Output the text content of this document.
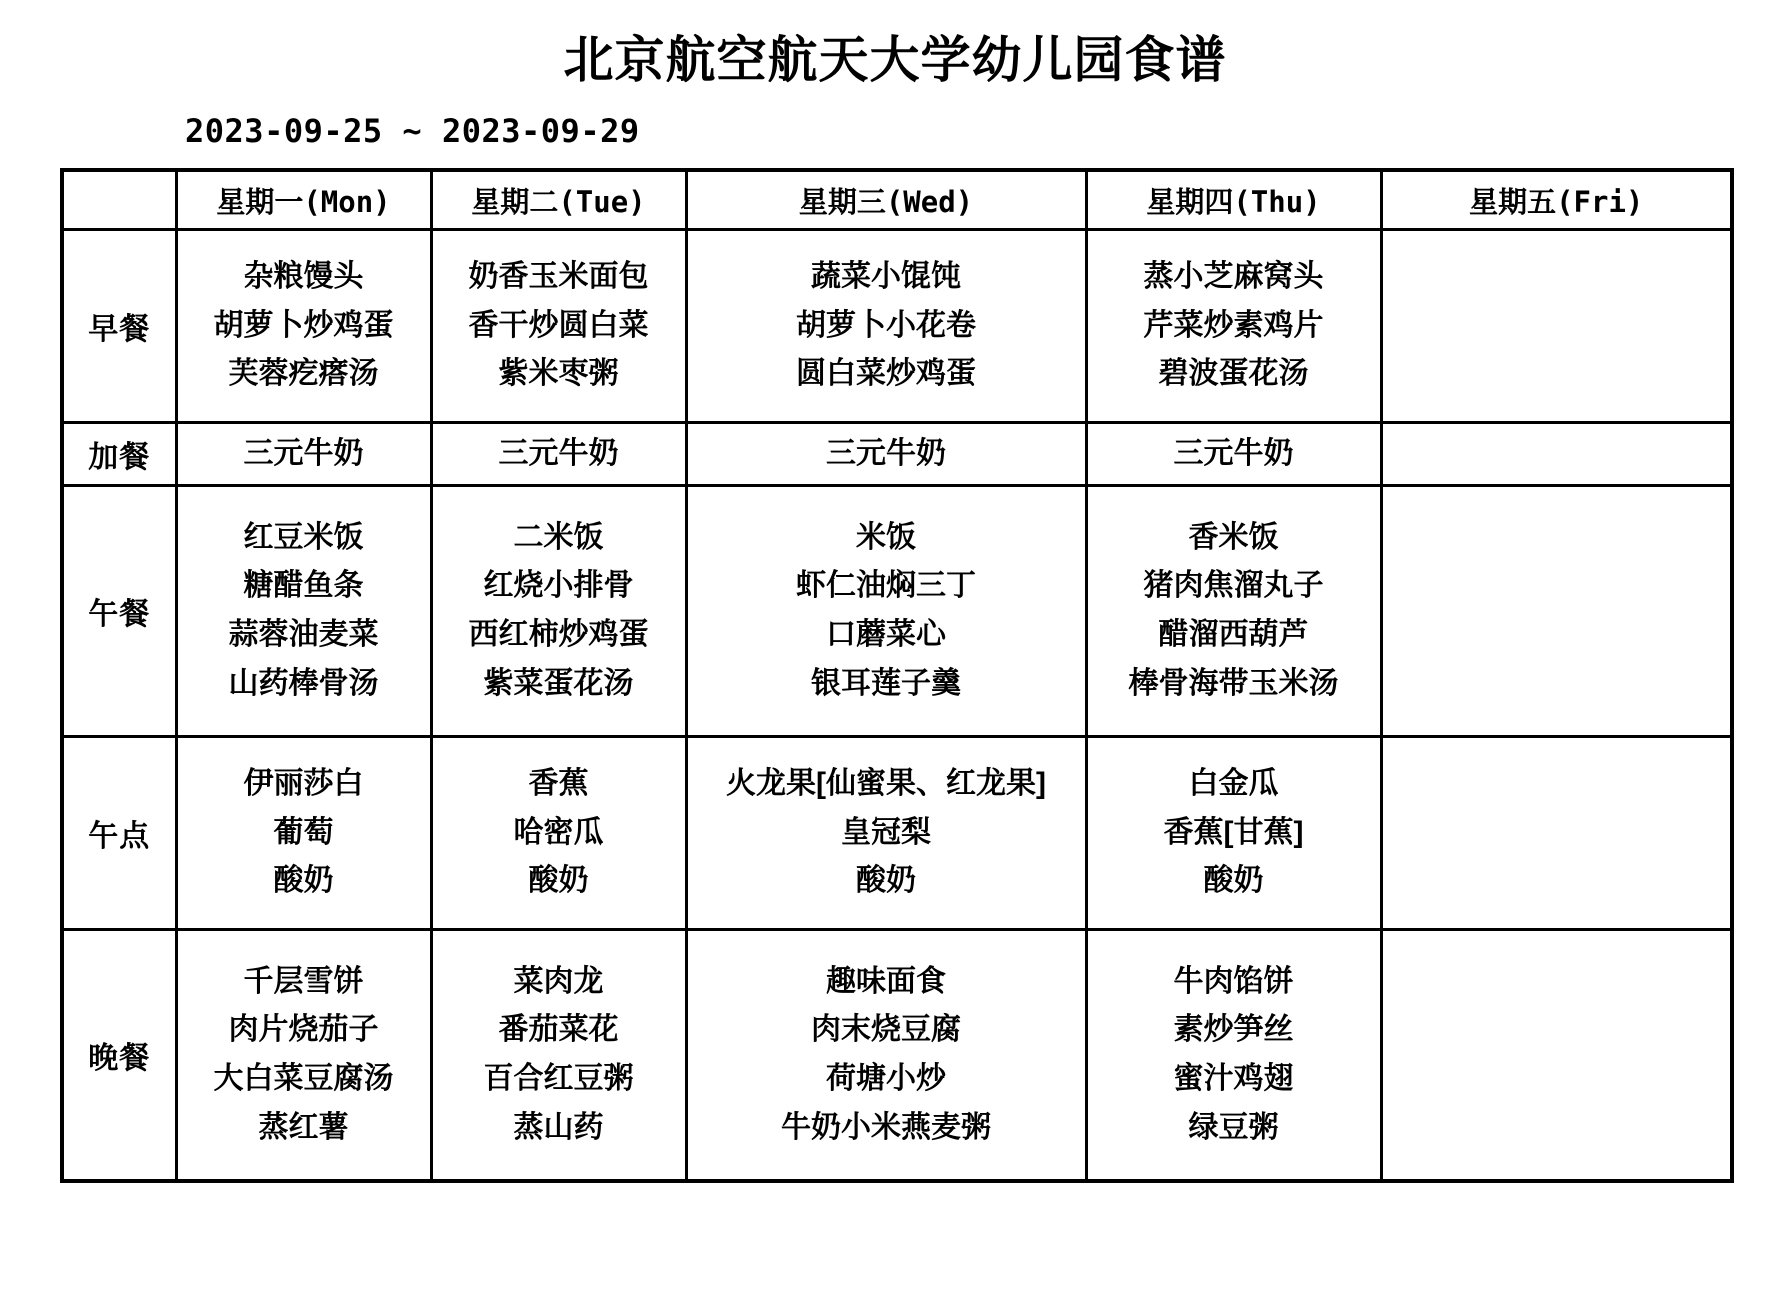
北京航空航天大学幼儿园食谱
2023-09-25 ~ 2023-09-29
	星期一(Mon)	星期二(Tue)	星期三(Wed)	星期四(Thu)	星期五(Fri)
早餐	杂粮馒头
胡萝卜炒鸡蛋
芙蓉疙瘩汤	奶香玉米面包
香干炒圆白菜
紫米枣粥	蔬菜小馄饨
胡萝卜小花卷
圆白菜炒鸡蛋	蒸小芝麻窝头
芹菜炒素鸡片
碧波蛋花汤	

加餐	三元牛奶	三元牛奶	三元牛奶	三元牛奶	

午餐	红豆米饭
糖醋鱼条
蒜蓉油麦菜
山药棒骨汤	二米饭
红烧小排骨
西红柿炒鸡蛋
紫菜蛋花汤	米饭
虾仁油焖三丁
口蘑菜心
银耳莲子羹	香米饭
猪肉焦溜丸子
醋溜西葫芦
棒骨海带玉米汤	

午点	伊丽莎白
葡萄
酸奶	香蕉
哈密瓜
酸奶	火龙果[仙蜜果、红龙果]
皇冠梨
酸奶	白金瓜
香蕉[甘蕉]
酸奶	

晚餐	千层雪饼
肉片烧茄子
大白菜豆腐汤
蒸红薯	菜肉龙
番茄菜花
百合红豆粥
蒸山药	趣味面食
肉末烧豆腐
荷塘小炒
牛奶小米燕麦粥	牛肉馅饼
素炒笋丝
蜜汁鸡翅
绿豆粥	
